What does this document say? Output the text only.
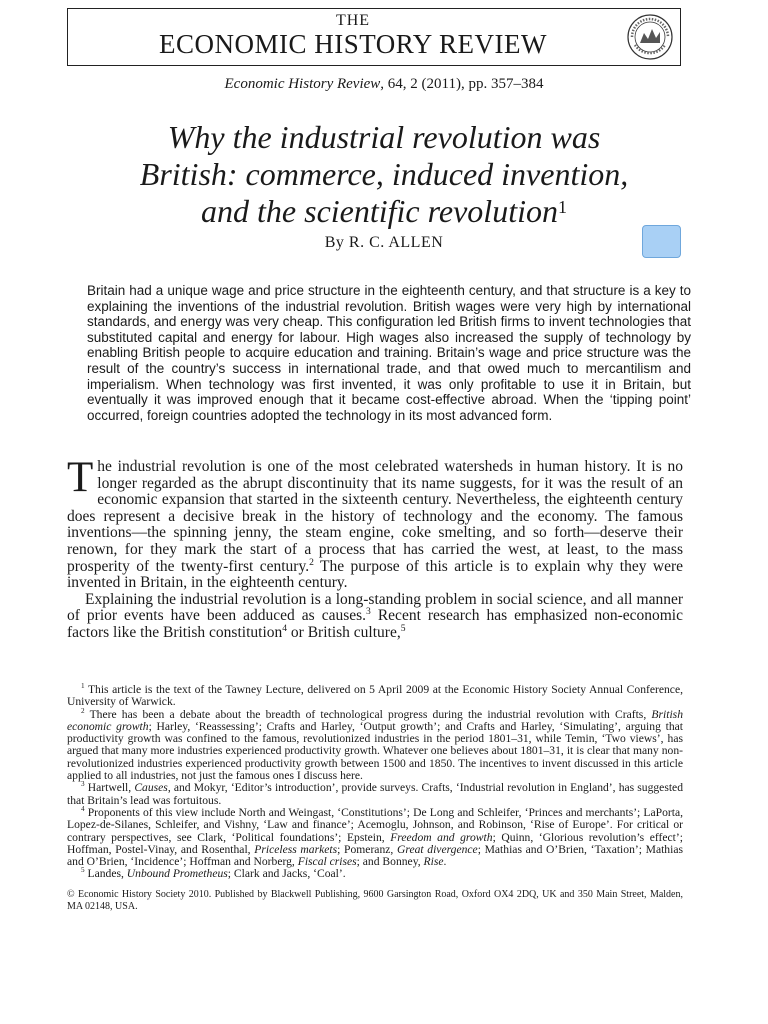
THE
ECONOMIC HISTORY REVIEW
Economic History Review, 64, 2 (2011), pp. 357–384
Why the industrial revolution was
British: commerce, induced invention,
and the scientific revolution$^1$
By R. C. ALLEN
Britain had a unique wage and price structure in the eighteenth century, and that structure is a key to explaining the inventions of the industrial revolution. British wages were very high by international standards, and energy was very cheap. This configuration led British firms to invent technologies that substituted capital and energy for labour. High wages also increased the supply of technology by enabling British people to acquire education and training. Britain’s wage and price structure was the result of the country’s success in international trade, and that owed much to mercantilism and imperialism. When technology was first invented, it was only profitable to use it in Britain, but eventually it was improved enough that it became cost-effective abroad. When the ‘tipping point’ occurred, foreign countries adopted the technology in its most advanced form.

The industrial revolution is one of the most celebrated watersheds in human history. It is no longer regarded as the abrupt discontinuity that its name suggests, for it was the result of an economic expansion that started in the sixteenth century. Nevertheless, the eighteenth century does represent a decisive break in the history of technology and the economy. The famous inventions—the spinning jenny, the steam engine, coke smelting, and so forth—deserve their renown, for they mark the start of a process that has carried the west, at least, to the mass prosperity of the twenty-first century.$^2$ The purpose of this article is to explain why they were invented in Britain, in the eighteenth century.

Explaining the industrial revolution is a long-standing problem in social science, and all manner of prior events have been adduced as causes.$^3$ Recent research has emphasized non-economic factors like the British constitution$^4$ or British culture,$^5$

$^1$ This article is the text of the Tawney Lecture, delivered on 5 April 2009 at the Economic History Society Annual Conference, University of Warwick.

$^2$ There has been a debate about the breadth of technological progress during the industrial revolution with Crafts, British economic growth; Harley, ‘Reassessing’; Crafts and Harley, ‘Output growth’; and Crafts and Harley, ‘Simulating’, arguing that productivity growth was confined to the famous, revolutionized industries in the period 1801–31, while Temin, ‘Two views’, has argued that many more industries experienced productivity growth. Whatever one believes about 1801–31, it is clear that many non-revolutionized industries experienced productivity growth between 1500 and 1850. The incentives to invent discussed in this article applied to all industries, not just the famous ones I discuss here.

$^3$ Hartwell, Causes, and Mokyr, ‘Editor’s introduction’, provide surveys. Crafts, ‘Industrial revolution in England’, has suggested that Britain’s lead was fortuitous.

$^4$ Proponents of this view include North and Weingast, ‘Constitutions’; De Long and Schleifer, ‘Princes and merchants’; LaPorta, Lopez-de-Silanes, Schleifer, and Vishny, ‘Law and finance’; Acemoglu, Johnson, and Robinson, ‘Rise of Europe’. For critical or contrary perspectives, see Clark, ‘Political foundations’; Epstein, Freedom and growth; Quinn, ‘Glorious revolution’s effect’; Hoffman, Postel-Vinay, and Rosenthal, Priceless markets; Pomeranz, Great divergence; Mathias and O’Brien, ‘Taxation’; Mathias and O’Brien, ‘Incidence’; Hoffman and Norberg, Fiscal crises; and Bonney, Rise.

$^5$ Landes, Unbound Prometheus; Clark and Jacks, ‘Coal’.

© Economic History Society 2010. Published by Blackwell Publishing, 9600 Garsington Road, Oxford OX4 2DQ, UK and 350 Main Street, Malden, MA 02148, USA.
